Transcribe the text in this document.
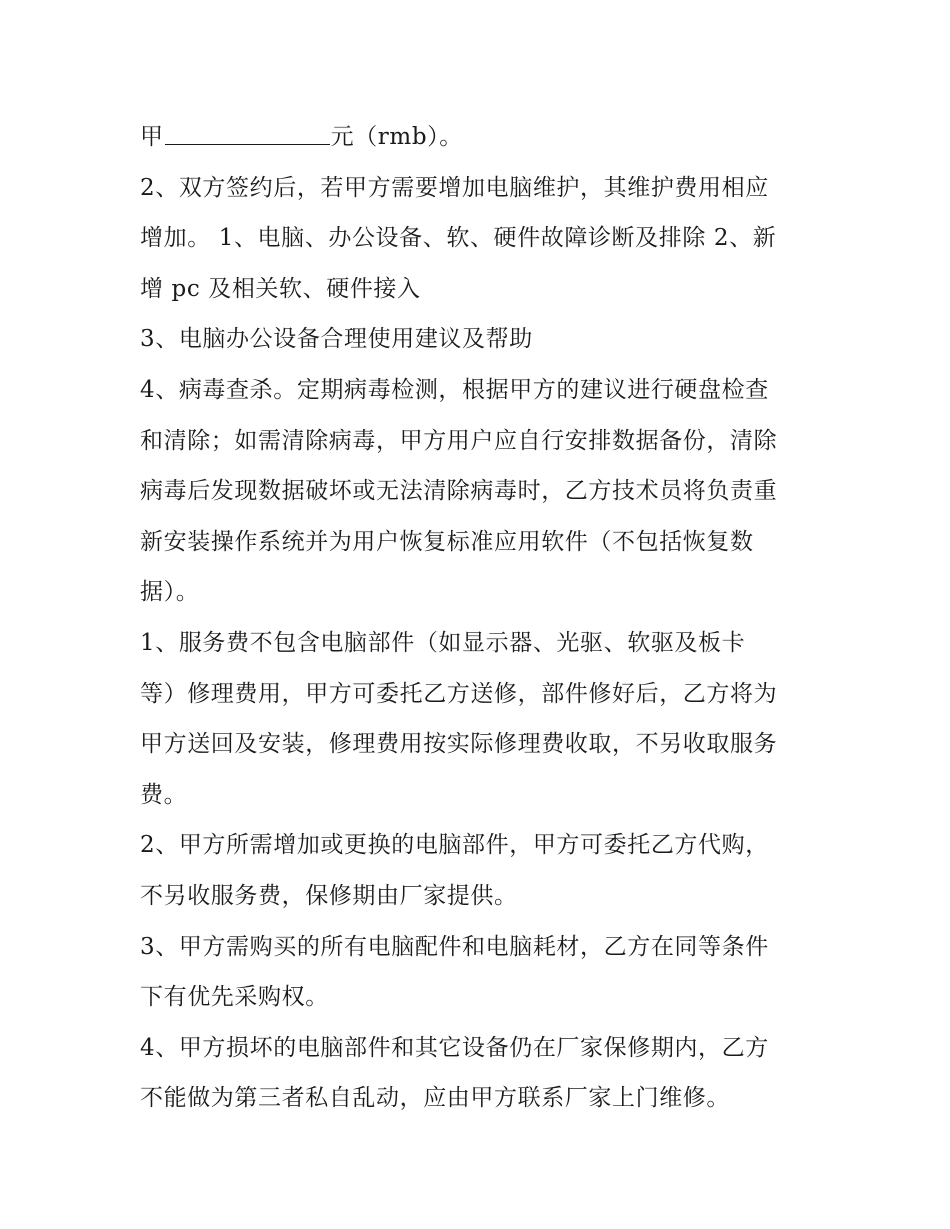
甲	元（rmb）。
2、双方签约后，若甲方需要增加电脑维护，其维护费用相应
增加。 1、电脑、办公设备、软、硬件故障诊断及排除 2、新
增 pc 及相关软、硬件接入
3、电脑办公设备合理使用建议及帮助
4、病毒查杀。定期病毒检测，根据甲方的建议进行硬盘检查
和清除；如需清除病毒，甲方用户应自行安排数据备份，清除
病毒后发现数据破坏或无法清除病毒时，乙方技术员将负责重
新安装操作系统并为用户恢复标准应用软件（不包括恢复数
据）。
1、服务费不包含电脑部件（如显示器、光驱、软驱及板卡
等）修理费用，甲方可委托乙方送修，部件修好后，乙方将为
甲方送回及安装，修理费用按实际修理费收取，不另收取服务
费。
2、甲方所需增加或更换的电脑部件，甲方可委托乙方代购，
不另收服务费，保修期由厂家提供。
3、甲方需购买的所有电脑配件和电脑耗材，乙方在同等条件
下有优先采购权。
4、甲方损坏的电脑部件和其它设备仍在厂家保修期内，乙方
不能做为第三者私自乱动，应由甲方联系厂家上门维修。
